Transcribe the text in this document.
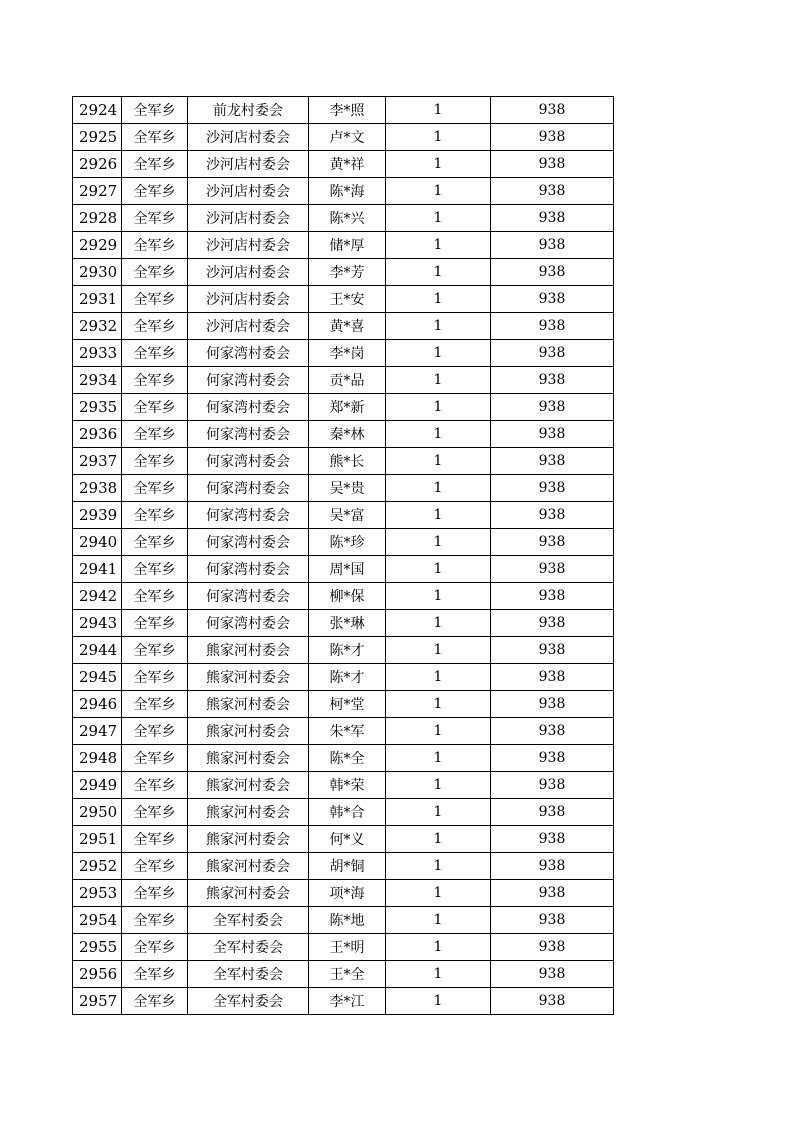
2924	全军乡	前龙村委会	李*照	1	938
2925	全军乡	沙河店村委会	卢*文	1	938
2926	全军乡	沙河店村委会	黄*祥	1	938
2927	全军乡	沙河店村委会	陈*海	1	938
2928	全军乡	沙河店村委会	陈*兴	1	938
2929	全军乡	沙河店村委会	储*厚	1	938
2930	全军乡	沙河店村委会	李*芳	1	938
2931	全军乡	沙河店村委会	王*安	1	938
2932	全军乡	沙河店村委会	黄*喜	1	938
2933	全军乡	何家湾村委会	李*岗	1	938
2934	全军乡	何家湾村委会	贡*品	1	938
2935	全军乡	何家湾村委会	郑*新	1	938
2936	全军乡	何家湾村委会	秦*林	1	938
2937	全军乡	何家湾村委会	熊*长	1	938
2938	全军乡	何家湾村委会	吴*贵	1	938
2939	全军乡	何家湾村委会	吴*富	1	938
2940	全军乡	何家湾村委会	陈*珍	1	938
2941	全军乡	何家湾村委会	周*国	1	938
2942	全军乡	何家湾村委会	柳*保	1	938
2943	全军乡	何家湾村委会	张*琳	1	938
2944	全军乡	熊家河村委会	陈*才	1	938
2945	全军乡	熊家河村委会	陈*才	1	938
2946	全军乡	熊家河村委会	柯*堂	1	938
2947	全军乡	熊家河村委会	朱*军	1	938
2948	全军乡	熊家河村委会	陈*全	1	938
2949	全军乡	熊家河村委会	韩*荣	1	938
2950	全军乡	熊家河村委会	韩*合	1	938
2951	全军乡	熊家河村委会	何*义	1	938
2952	全军乡	熊家河村委会	胡*铜	1	938
2953	全军乡	熊家河村委会	项*海	1	938
2954	全军乡	全军村委会	陈*地	1	938
2955	全军乡	全军村委会	王*明	1	938
2956	全军乡	全军村委会	王*全	1	938
2957	全军乡	全军村委会	李*江	1	938
